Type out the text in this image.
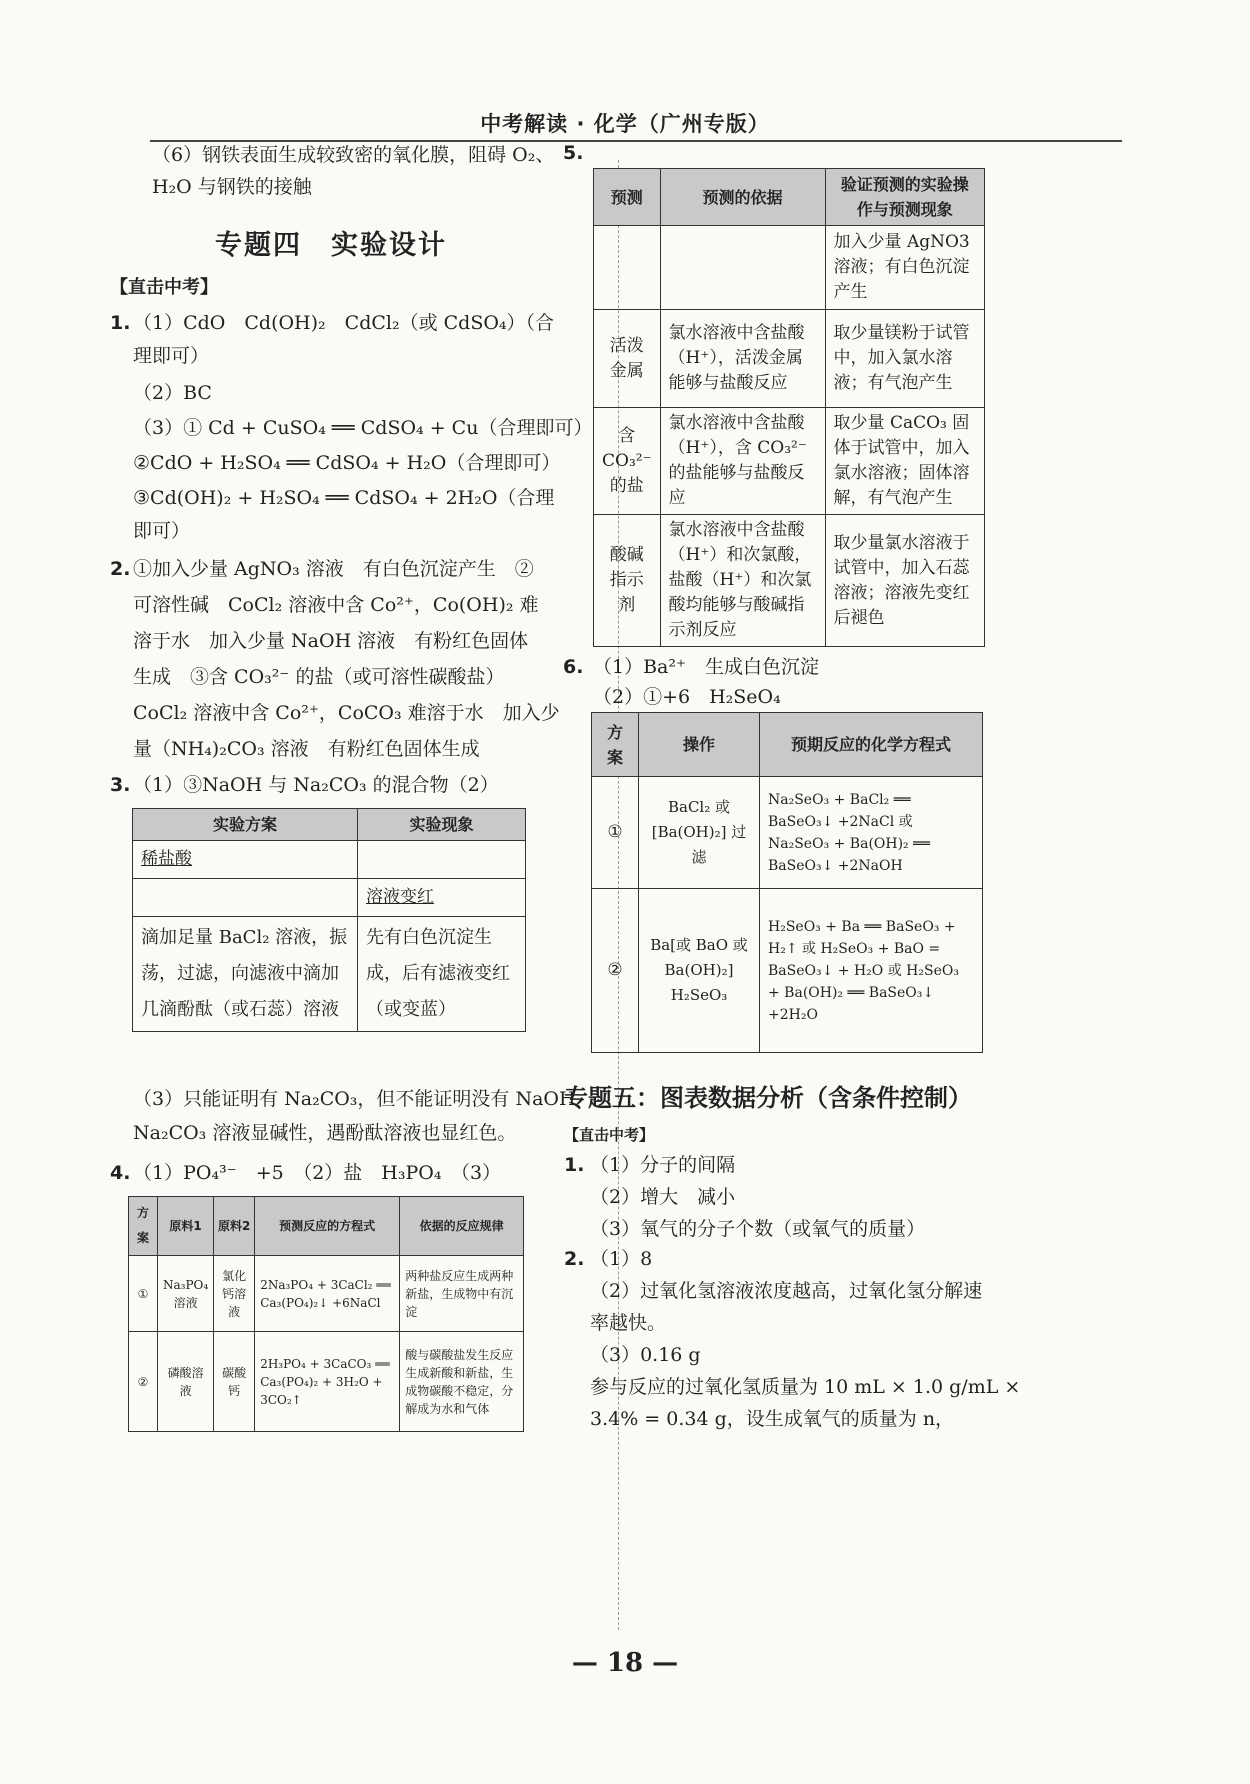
中考解读 · 化学（广州专版）
（6）钢铁表面生成较致密的氧化膜，阻碍 O₂、
H₂O 与钢铁的接触
专题四　实验设计
【直击中考】
1. （1）CdO　Cd(OH)₂　CdCl₂（或 CdSO₄）（合
理即可）
（2）BC
（3）① Cd + CuSO₄ ══ CdSO₄ + Cu（合理即可）
②CdO + H₂SO₄ ══ CdSO₄ + H₂O（合理即可）
③Cd(OH)₂ + H₂SO₄ ══ CdSO₄ + 2H₂O（合理
即可）
2. ①加入少量 AgNO₃ 溶液　有白色沉淀产生　②
可溶性碱　CoCl₂ 溶液中含 Co²⁺，Co(OH)₂ 难
溶于水　加入少量 NaOH 溶液　有粉红色固体
生成　③含 CO₃²⁻ 的盐（或可溶性碳酸盐）
CoCl₂ 溶液中含 Co²⁺，CoCO₃ 难溶于水　加入少
量（NH₄)₂CO₃ 溶液　有粉红色固体生成
3. （1）③NaOH 与 Na₂CO₃ 的混合物（2）
实验方案	实验现象
稀盐酸	
	溶液变红
滴加足量 BaCl₂ 溶液，振荡，过滤，向滤液中滴加几滴酚酞（或石蕊）溶液	先有白色沉淀生成，后有滤液变红（或变蓝）
（3）只能证明有 Na₂CO₃，但不能证明没有 NaOH
Na₂CO₃ 溶液显碱性，遇酚酞溶液也显红色。
4. （1）PO₄³⁻　+5　（2）盐　H₃PO₄　（3）
方案	原料1	原料2	预测反应的方程式	依据的反应规律
①	Na₃PO₄ 溶液	氯化钙溶液	2Na₃PO₄ + 3CaCl₂ ══ Ca₃(PO₄)₂↓ +6NaCl	两种盐反应生成两种新盐，生成物中有沉淀
②	磷酸溶液	碳酸钙	2H₃PO₄ + 3CaCO₃ ══ Ca₃(PO₄)₂ + 3H₂O + 3CO₂↑	酸与碳酸盐发生反应生成新酸和新盐，生成物碳酸不稳定，分解成为水和气体
5.
预测	预测的依据	验证预测的实验操作与预测现象
		加入少量 AgNO3 溶液；有白色沉淀产生
活泼金属	氯水溶液中含盐酸（H⁺），活泼金属能够与盐酸反应	取少量镁粉于试管中，加入氯水溶液；有气泡产生
含 CO₃²⁻ 的盐	氯水溶液中含盐酸（H⁺），含 CO₃²⁻ 的盐能够与盐酸反应	取少量 CaCO₃ 固体于试管中，加入氯水溶液；固体溶解，有气泡产生
酸碱指示剂	氯水溶液中含盐酸（H⁺）和次氯酸，盐酸（H⁺）和次氯酸均能够与酸碱指示剂反应	取少量氯水溶液于试管中，加入石蕊溶液；溶液先变红后褪色
6. （1）Ba²⁺　生成白色沉淀
（2）①+6　H₂SeO₄
方案	操作	预期反应的化学方程式
①	BaCl₂ 或 [Ba(OH)₂] 过滤	Na₂SeO₃ + BaCl₂ ══ BaSeO₃↓ +2NaCl 或 Na₂SeO₃ + Ba(OH)₂ ══ BaSeO₃↓ +2NaOH
②	Ba[或 BaO 或 Ba(OH)₂] H₂SeO₃	H₂SeO₃ + Ba ══ BaSeO₃ + H₂↑ 或 H₂SeO₃ + BaO = BaSeO₃↓ + H₂O 或 H₂SeO₃ + Ba(OH)₂ ══ BaSeO₃↓ +2H₂O
专题五：图表数据分析（含条件控制）
【直击中考】
1. （1）分子的间隔
（2）增大　减小
（3）氧气的分子个数（或氧气的质量）
2. （1）8
（2）过氧化氢溶液浓度越高，过氧化氢分解速
率越快。
（3）0.16 g
参与反应的过氧化氢质量为 10 mL × 1.0 g/mL ×
3.4% = 0.34 g，设生成氧气的质量为 n，
— 18 —
